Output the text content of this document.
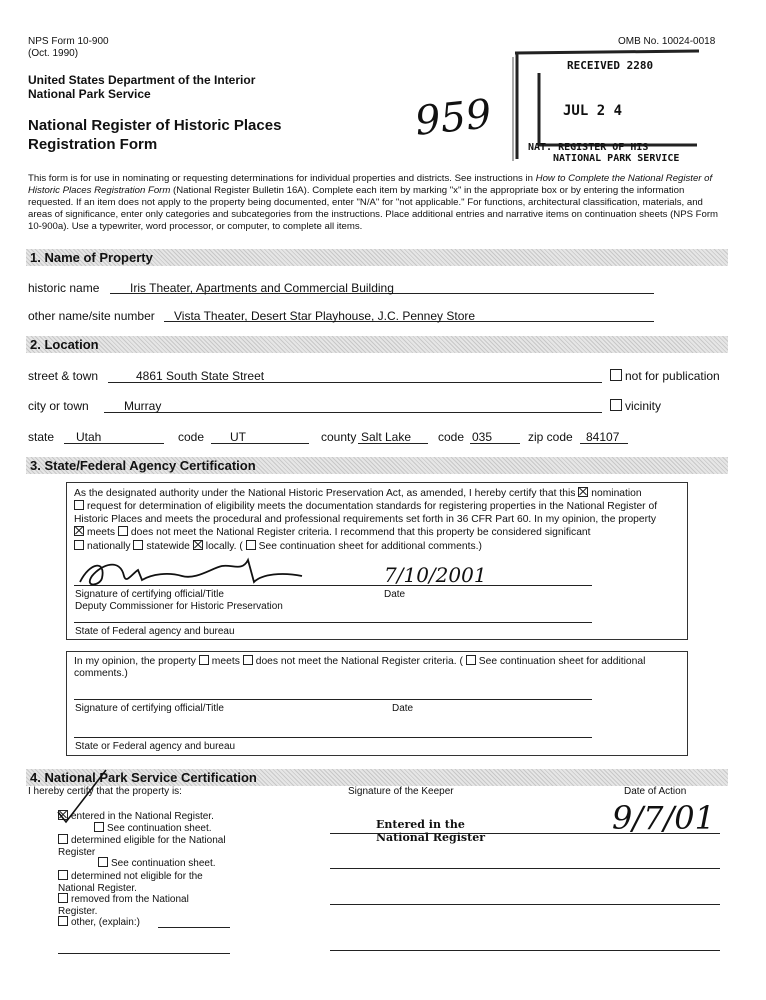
NPS Form 10-900
(Oct. 1990)
OMB No. 10024-0018
United States Department of the Interior
National Park Service
National Register of Historic Places
Registration Form	959
RECEIVED 2280
JUL 2 4
NAT. REGISTER OF HIS
NATIONAL PARK SERVICE
This form is for use in nominating or requesting determinations for individual properties and districts. See instructions in How to Complete the National Register of Historic Places Registration Form (National Register Bulletin 16A). Complete each item by marking "x" in the appropriate box or by entering the information requested. If an item does not apply to the property being documented, enter "N/A" for "not applicable." For functions, architectural classification, materials, and areas of significance, enter only categories and subcategories from the instructions. Place additional entries and narrative items on continuation sheets (NPS Form 10-900a). Use a typewriter, word processor, or computer, to complete all items.
1. Name of Property
historic name	Iris Theater, Apartments and Commercial Building
other name/site number Vista Theater, Desert Star Playhouse, J.C. Penney Store
2. Location
street & town	4861 South State Street	not for publication
city or town	Murray	vicinity
state Utah	code UT	county Salt Lake code 035	zip code 84107
3. State/Federal Agency Certification
As the designated authority under the National Historic Preservation Act, as amended, I hereby certify that this nomination
request for determination of eligibility meets the documentation standards for registering properties in the National Register of Historic Places and meets the procedural and professional requirements set forth in 36 CFR Part 60. In my opinion, the property
meets does not meet the National Register criteria. I recommend that this property be considered significant
nationally statewide locally. ( See continuation sheet for additional comments.)
7/10/2001
Signature of certifying official/Title	Date
Deputy Commissioner for Historic Preservation
State of Federal agency and bureau
In my opinion, the property meets does not meet the National Register criteria. ( See continuation sheet for additional comments.)
Signature of certifying official/Title	Date
State or Federal agency and bureau
4. National Park Service Certification
I hereby certify that the property is:	Signature of the Keeper	Date of Action
entered in the National Register.
See continuation sheet.
determined eligible for the National Register
See continuation sheet.
determined not eligible for the National Register.
removed from the National Register.
other, (explain:)
Entered in the
National Register
9/7/01
